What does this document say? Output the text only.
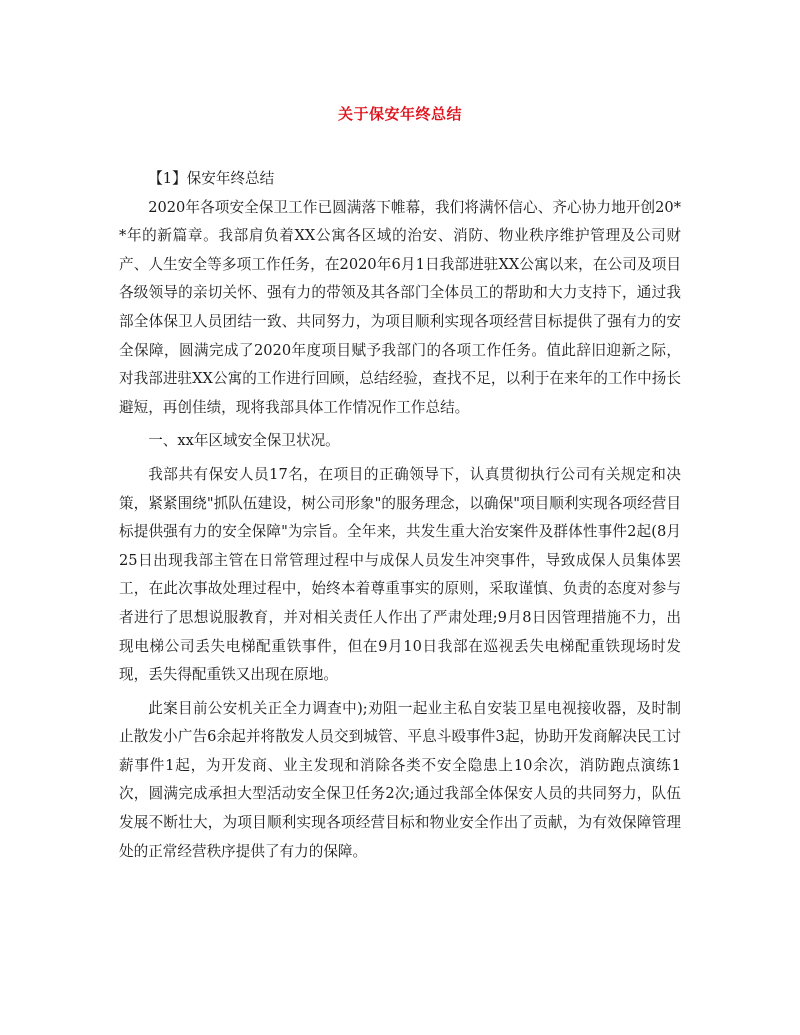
关于保安年终总结

【1】保安年终总结

2020年各项安全保卫工作已圆满落下帷幕，我们将满怀信心、齐心协力地开创20**年的新篇章。我部肩负着XX公寓各区域的治安、消防、物业秩序维护管理及公司财产、人生安全等多项工作任务，在2020年6月1日我部进驻XX公寓以来，在公司及项目各级领导的亲切关怀、强有力的带领及其各部门全体员工的帮助和大力支持下，通过我部全体保卫人员团结一致、共同努力，为项目顺利实现各项经营目标提供了强有力的安全保障，圆满完成了2020年度项目赋予我部门的各项工作任务。值此辞旧迎新之际，对我部进驻XX公寓的工作进行回顾，总结经验，查找不足，以利于在来年的工作中扬长避短，再创佳绩，现将我部具体工作情况作工作总结。

一、xx年区域安全保卫状况。

我部共有保安人员17名，在项目的正确领导下，认真贯彻执行公司有关规定和决策，紧紧围绕"抓队伍建设，树公司形象"的服务理念，以确保"项目顺利实现各项经营目标提供强有力的安全保障"为宗旨。全年来，共发生重大治安案件及群体性事件2起(8月25日出现我部主管在日常管理过程中与成保人员发生冲突事件，导致成保人员集体罢工，在此次事故处理过程中，始终本着尊重事实的原则，采取谨慎、负责的态度对参与者进行了思想说服教育，并对相关责任人作出了严肃处理;9月8日因管理措施不力，出现电梯公司丢失电梯配重铁事件，但在9月10日我部在巡视丢失电梯配重铁现场时发现，丢失得配重铁又出现在原地。

此案目前公安机关正全力调查中);劝阻一起业主私自安装卫星电视接收器，及时制止散发小广告6余起并将散发人员交到城管、平息斗殴事件3起，协助开发商解决民工讨薪事件1起，为开发商、业主发现和消除各类不安全隐患上10余次，消防跑点演练1次，圆满完成承担大型活动安全保卫任务2次;通过我部全体保安人员的共同努力，队伍发展不断壮大，为项目顺利实现各项经营目标和物业安全作出了贡献，为有效保障管理处的正常经营秩序提供了有力的保障。
